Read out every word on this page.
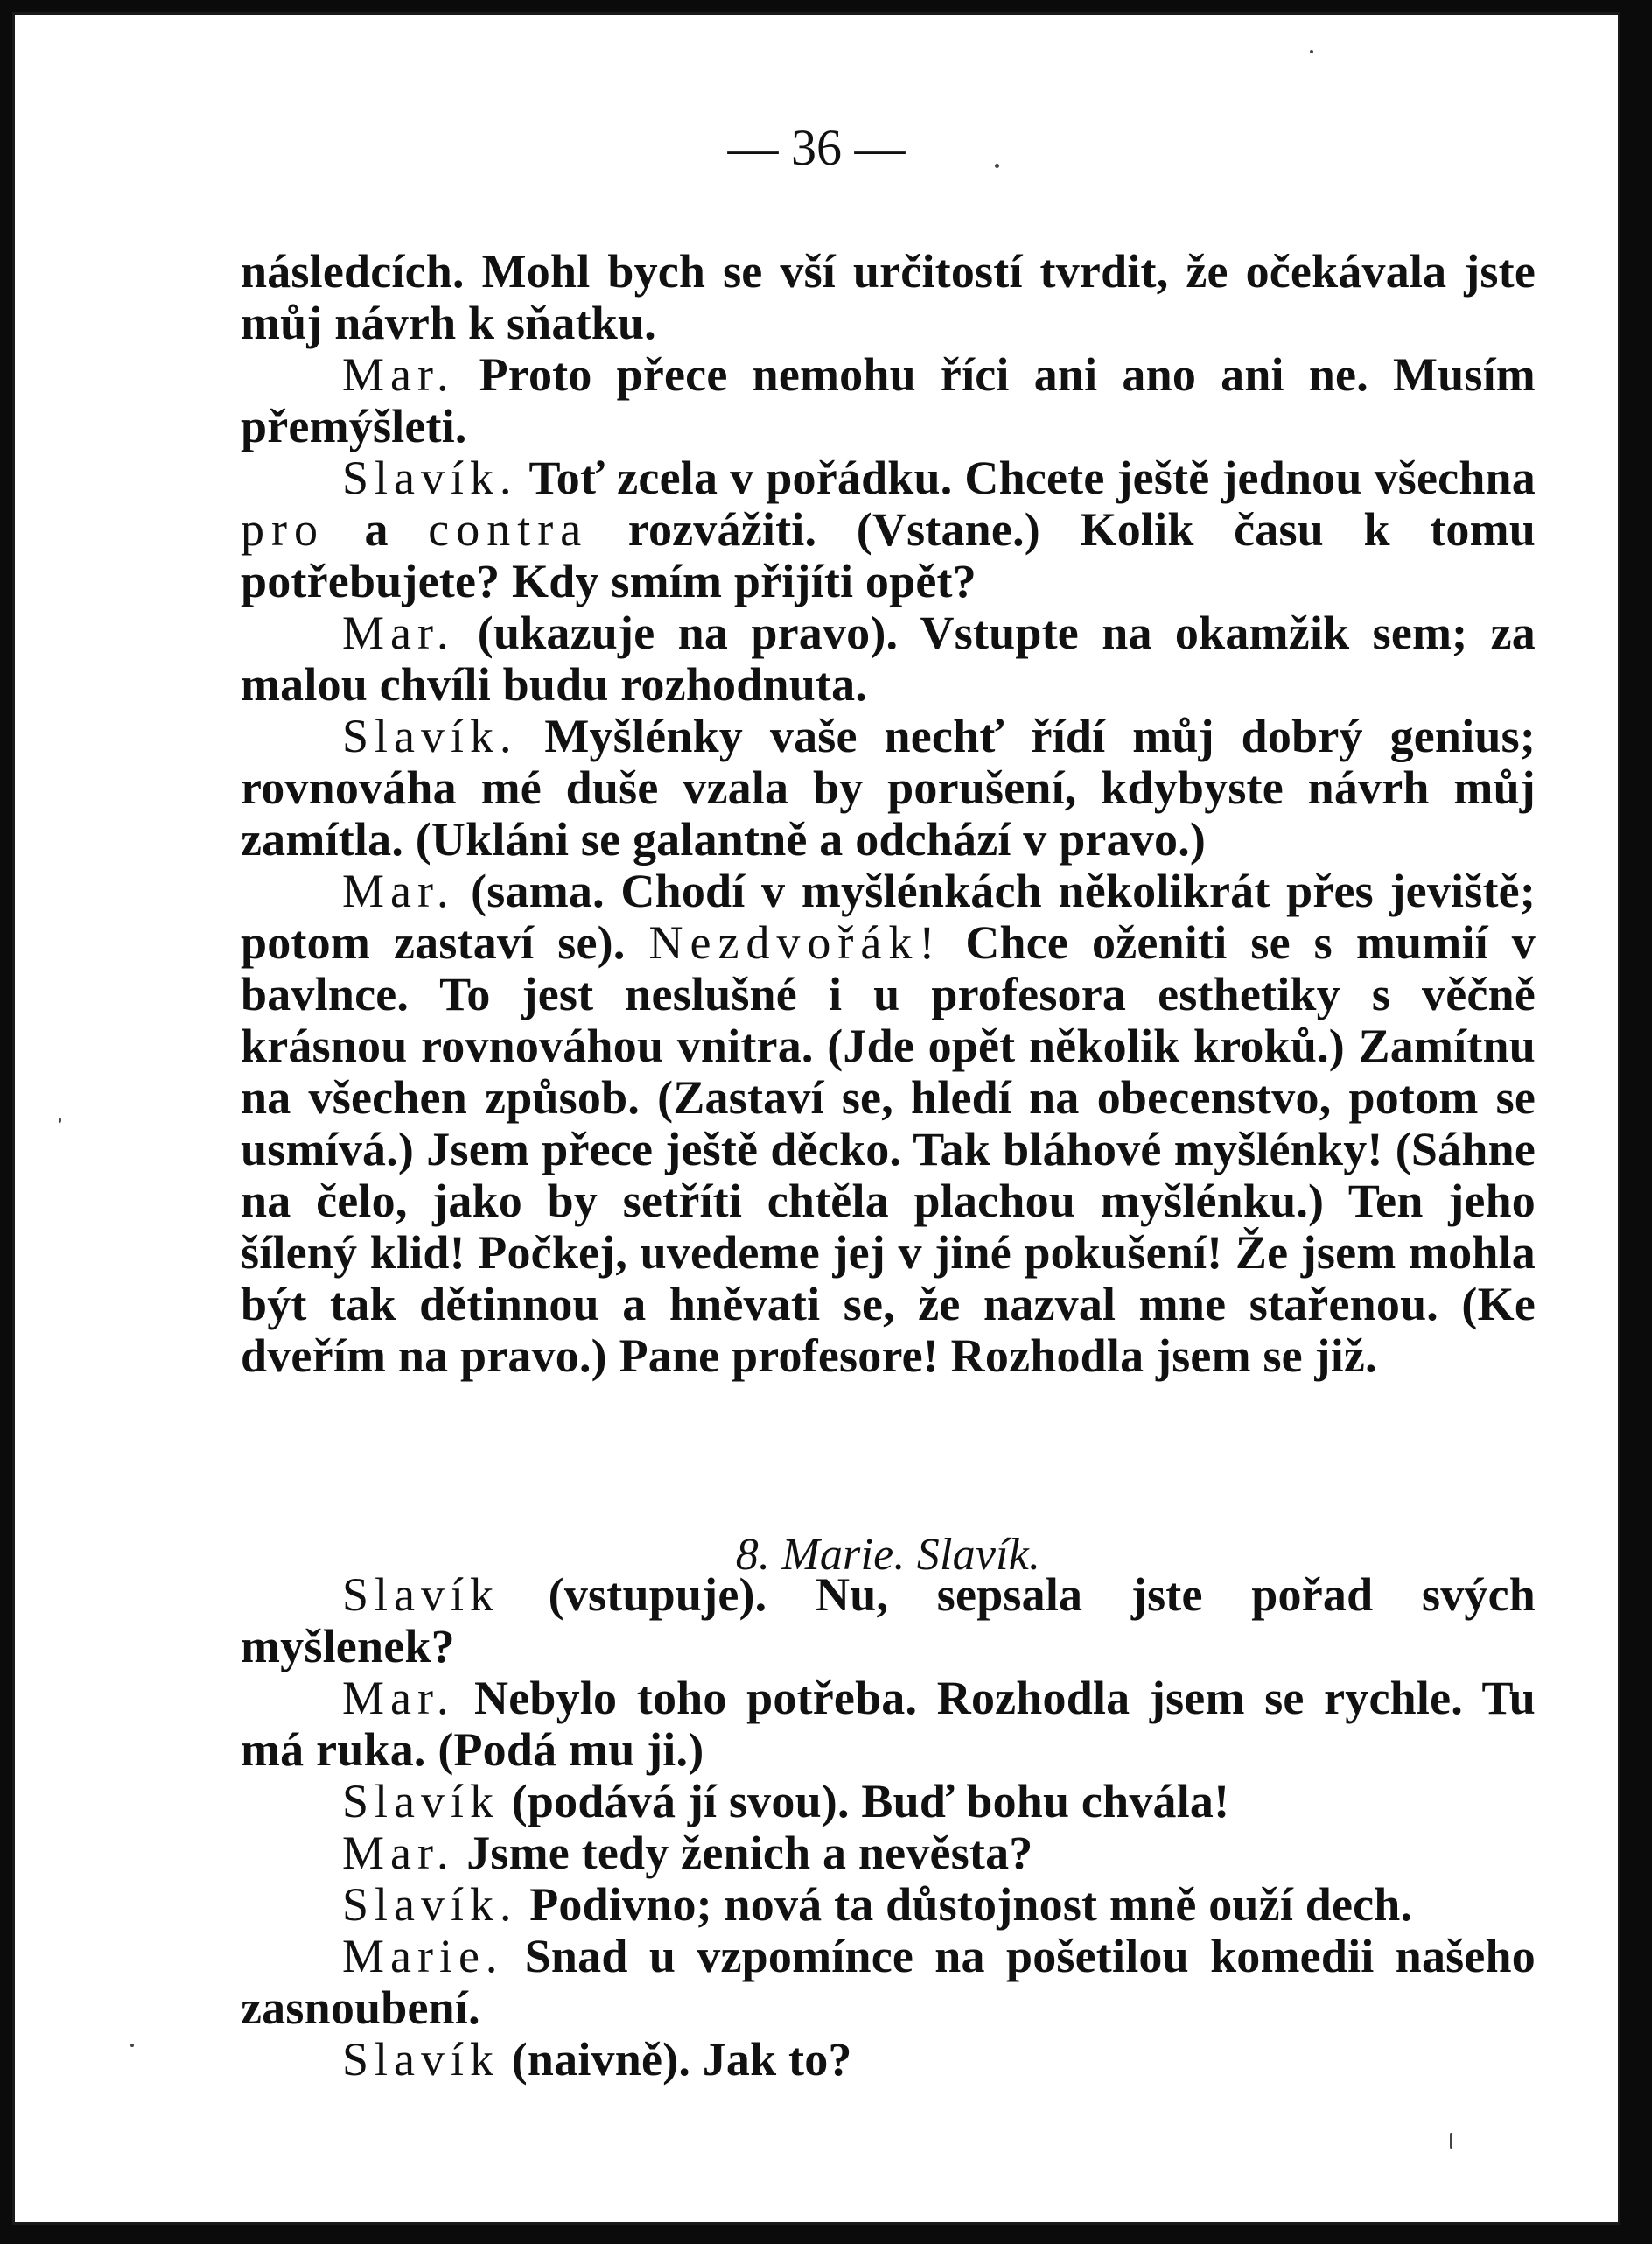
— 36 —

následcích. Mohl bych se vší určitostí tvrdit, že očekávala jste můj návrh k sňatku.

Mar. Proto přece nemohu říci ani ano ani ne. Musím přemýšleti.

Slavík. Toť zcela v pořádku. Chcete ještě jednou všechna pro a contra rozvážiti. (Vstane.) Kolik času k tomu potřebujete? Kdy smím přijíti opět?

Mar. (ukazuje na pravo). Vstupte na okamžik sem; za malou chvíli budu rozhodnuta.

Slavík. Myšlénky vaše nechť řídí můj dobrý genius; rovnováha mé duše vzala by porušení, kdybyste návrh můj zamítla. (Ukláni se galantně a odchází v pravo.)

Mar. (sama. Chodí v myšlénkách několikrát přes jeviště; potom zastaví se). Nezdvořák! Chce oženiti se s mumií v bavlnce. To jest neslušné i u profesora esthetiky s věčně krásnou rovnováhou vnitra. (Jde opět několik kroků.) Zamítnu na všechen způsob. (Zastaví se, hledí na obecenstvo, potom se usmívá.) Jsem přece ještě děcko. Tak bláhové myšlénky! (Sáhne na čelo, jako by setříti chtěla plachou myšlénku.) Ten jeho šílený klid! Počkej, uvedeme jej v jiné pokušení! Že jsem mohla být tak dětinnou a hněvati se, že nazval mne stařenou. (Ke dveřím na pravo.) Pane profesore! Rozhodla jsem se již.

8. Marie. Slavík.

Slavík (vstupuje). Nu, sepsala jste pořad svých myšlenek?

Mar. Nebylo toho potřeba. Rozhodla jsem se rychle. Tu má ruka. (Podá mu ji.)

Slavík (podává jí svou). Buď bohu chvála!

Mar. Jsme tedy ženich a nevěsta?

Slavík. Podivno; nová ta důstojnost mně ouží dech.

Marie. Snad u vzpomínce na pošetilou komedii našeho zasnoubení.

Slavík (naivně). Jak to?
